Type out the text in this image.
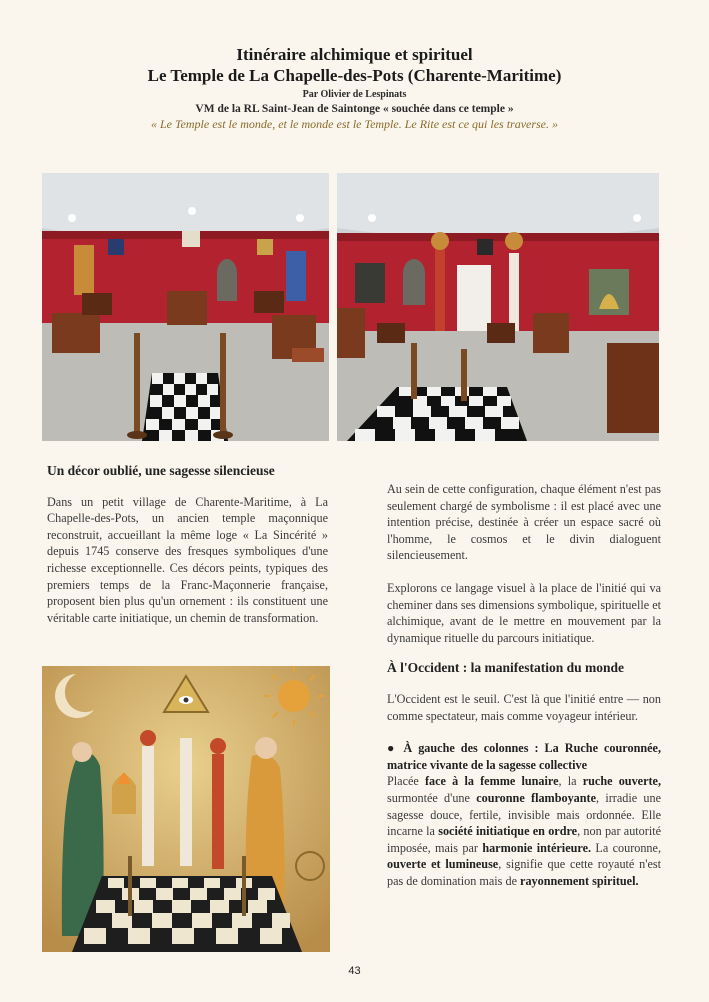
Itinéraire alchimique et spirituel
Le Temple de La Chapelle-des-Pots (Charente-Maritime)
Par Olivier de Lespinats
VM de la RL Saint-Jean de Saintonge « souchée dans ce temple »
« Le Temple est le monde, et le monde est le Temple. Le Rite est ce qui les traverse. »
Un décor oublié, une sagesse silencieuse

Dans un petit village de Charente-Maritime, à La Chapelle-des-Pots, un ancien temple maçonnique reconstruit, accueillant la même loge « La Sincérité » depuis 1745 conserve des fresques symboliques d'une richesse exceptionnelle. Ces décors peints, typiques des premiers temps de la Franc-Maçonnerie française, proposent bien plus qu'un ornement : ils constituent une véritable carte initiatique, un chemin de transformation.

Au sein de cette configuration, chaque élément n'est pas seulement chargé de symbolisme : il est placé avec une intention précise, destinée à créer un espace sacré où l'homme, le cosmos et le divin dialoguent silencieusement.

Explorons ce langage visuel à la place de l'initié qui va cheminer dans ses dimensions symbolique, spirituelle et alchimique, avant de le mettre en mouvement par la dynamique rituelle du parcours initiatique.

À l'Occident : la manifestation du monde

L'Occident est le seuil. C'est là que l'initié entre — non comme spectateur, mais comme voyageur intérieur.

● À gauche des colonnes : La Ruche couronnée, matrice vivante de la sagesse collective

Placée face à la femme lunaire, la ruche ouverte, surmontée d'une couronne flamboyante, irradie une sagesse douce, fertile, invisible mais ordonnée. Elle incarne la société initiatique en ordre, non par autorité imposée, mais par harmonie intérieure. La couronne, ouverte et lumineuse, signifie que cette royauté n'est pas de domination mais de rayonnement spirituel.

43
